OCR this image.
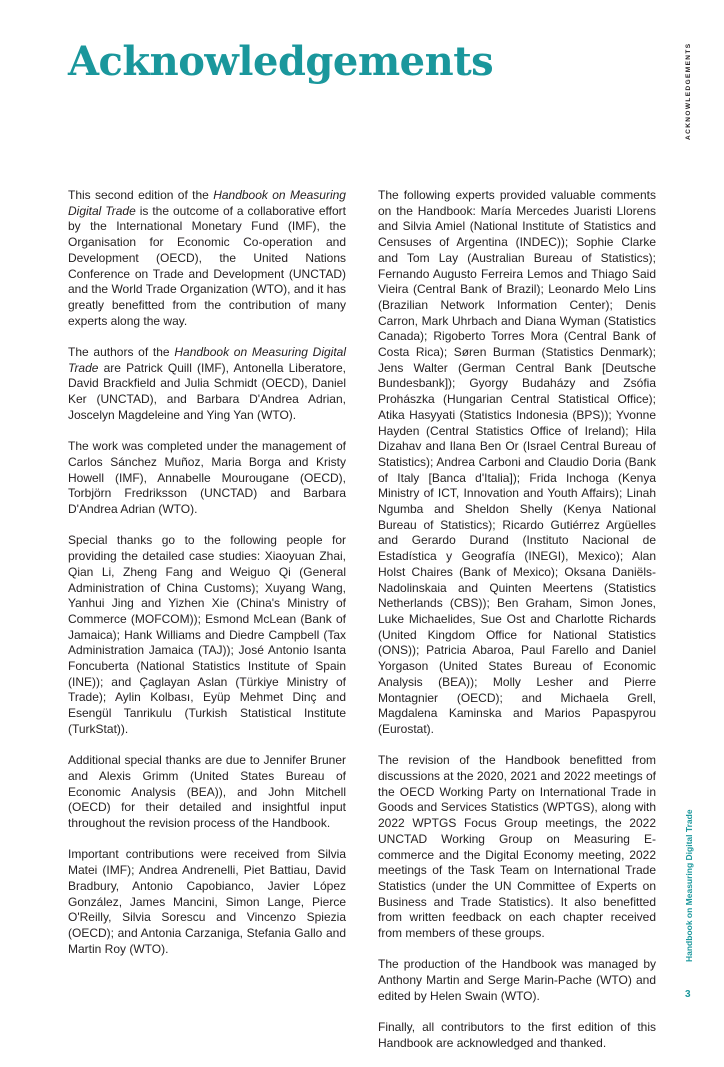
Acknowledgements	ACKNOWLEDGEMENTS
Handbook on Measuring Digital Trade
3

This second edition of the Handbook on Measuring Digital Trade is the outcome of a collaborative effort by the International Monetary Fund (IMF), the Organisation for Economic Co-operation and Development (OECD), the United Nations Conference on Trade and Development (UNCTAD) and the World Trade Organization (WTO), and it has greatly benefitted from the contribution of many experts along the way.

The authors of the Handbook on Measuring Digital Trade are Patrick Quill (IMF), Antonella Liberatore, David Brackfield and Julia Schmidt (OECD), Daniel Ker (UNCTAD), and Barbara D'Andrea Adrian, Joscelyn Magdeleine and Ying Yan (WTO).

The work was completed under the management of Carlos Sánchez Muñoz, Maria Borga and Kristy Howell (IMF), Annabelle Mourougane (OECD), Torbjörn Fredriksson (UNCTAD) and Barbara D'Andrea Adrian (WTO).

Special thanks go to the following people for providing the detailed case studies: Xiaoyuan Zhai, Qian Li, Zheng Fang and Weiguo Qi (General Administration of China Customs); Xuyang Wang, Yanhui Jing and Yizhen Xie (China's Ministry of Commerce (MOFCOM)); Esmond McLean (Bank of Jamaica); Hank Williams and Diedre Campbell (Tax Administration Jamaica (TAJ)); José Antonio Isanta Foncuberta (National Statistics Institute of Spain (INE)); and Çaglayan Aslan (Türkiye Ministry of Trade); Aylin Kolbası, Eyüp Mehmet Dinç and Esengül Tanrikulu (Turkish Statistical Institute (TurkStat)).

Additional special thanks are due to Jennifer Bruner and Alexis Grimm (United States Bureau of Economic Analysis (BEA)), and John Mitchell (OECD) for their detailed and insightful input throughout the revision process of the Handbook.

Important contributions were received from Silvia Matei (IMF); Andrea Andrenelli, Piet Battiau, David Bradbury, Antonio Capobianco, Javier López González, James Mancini, Simon Lange, Pierce O'Reilly, Silvia Sorescu and Vincenzo Spiezia (OECD); and Antonia Carzaniga, Stefania Gallo and Martin Roy (WTO).

The following experts provided valuable comments on the Handbook: María Mercedes Juaristi Llorens and Silvia Amiel (National Institute of Statistics and Censuses of Argentina (INDEC)); Sophie Clarke and Tom Lay (Australian Bureau of Statistics); Fernando Augusto Ferreira Lemos and Thiago Said Vieira (Central Bank of Brazil); Leonardo Melo Lins (Brazilian Network Information Center); Denis Carron, Mark Uhrbach and Diana Wyman (Statistics Canada); Rigoberto Torres Mora (Central Bank of Costa Rica); Søren Burman (Statistics Denmark); Jens Walter (German Central Bank [Deutsche Bundesbank]); Gyorgy Budaházy and Zsófia Prohászka (Hungarian Central Statistical Office); Atika Hasyyati (Statistics Indonesia (BPS)); Yvonne Hayden (Central Statistics Office of Ireland); Hila Dizahav and Ilana Ben Or (Israel Central Bureau of Statistics); Andrea Carboni and Claudio Doria (Bank of Italy [Banca d'Italia]); Frida Inchoga (Kenya Ministry of ICT, Innovation and Youth Affairs); Linah Ngumba and Sheldon Shelly (Kenya National Bureau of Statistics); Ricardo Gutiérrez Argüelles and Gerardo Durand (Instituto Nacional de Estadística y Geografía (INEGI), Mexico); Alan Holst Chaires (Bank of Mexico); Oksana Daniëls-Nadolinskaia and Quinten Meertens (Statistics Netherlands (CBS)); Ben Graham, Simon Jones, Luke Michaelides, Sue Ost and Charlotte Richards (United Kingdom Office for National Statistics (ONS)); Patricia Abaroa, Paul Farello and Daniel Yorgason (United States Bureau of Economic Analysis (BEA)); Molly Lesher and Pierre Montagnier (OECD); and Michaela Grell, Magdalena Kaminska and Marios Papaspyrou (Eurostat).

The revision of the Handbook benefitted from discussions at the 2020, 2021 and 2022 meetings of the OECD Working Party on International Trade in Goods and Services Statistics (WPTGS), along with 2022 WPTGS Focus Group meetings, the 2022 UNCTAD Working Group on Measuring E-commerce and the Digital Economy meeting, 2022 meetings of the Task Team on International Trade Statistics (under the UN Committee of Experts on Business and Trade Statistics). It also benefitted from written feedback on each chapter received from members of these groups.

The production of the Handbook was managed by Anthony Martin and Serge Marin-Pache (WTO) and edited by Helen Swain (WTO).

Finally, all contributors to the first edition of this Handbook are acknowledged and thanked.
